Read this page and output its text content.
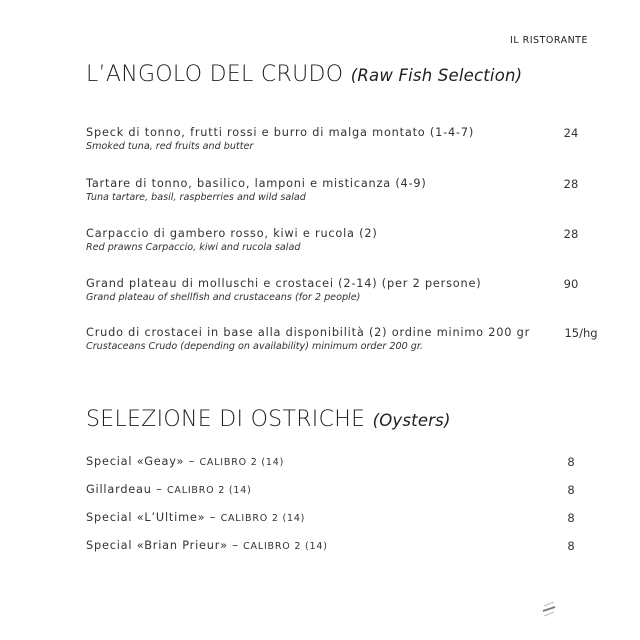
IL RISTORANTE
L’ANGOLO DEL CRUDO (Raw Fish Selection)
Speck di tonno, frutti rossi e burro di malga montato (1-4-7)
Smoked tuna, red fruits and butter
24
Tartare di tonno, basilico, lamponi e misticanza (4-9)
Tuna tartare, basil, raspberries and wild salad
28
Carpaccio di gambero rosso, kiwi e rucola (2)
Red prawns Carpaccio, kiwi and rucola salad
28
Grand plateau di molluschi e crostacei (2-14) (per 2 persone)
Grand plateau of shellfish and crustaceans (for 2 people)
90
Crudo di crostacei in base alla disponibilità (2) ordine minimo 200 gr
Crustaceans Crudo (depending on availability) minimum order 200 gr.
15/hg
SELEZIONE DI OSTRICHE (Oysters)
Special «Geay» – CALIBRO 2 (14)	8
Gillardeau – CALIBRO 2 (14)	8
Special «L’Ultime» – CALIBRO 2 (14)	8
Special «Brian Prieur» – CALIBRO 2 (14)	8
